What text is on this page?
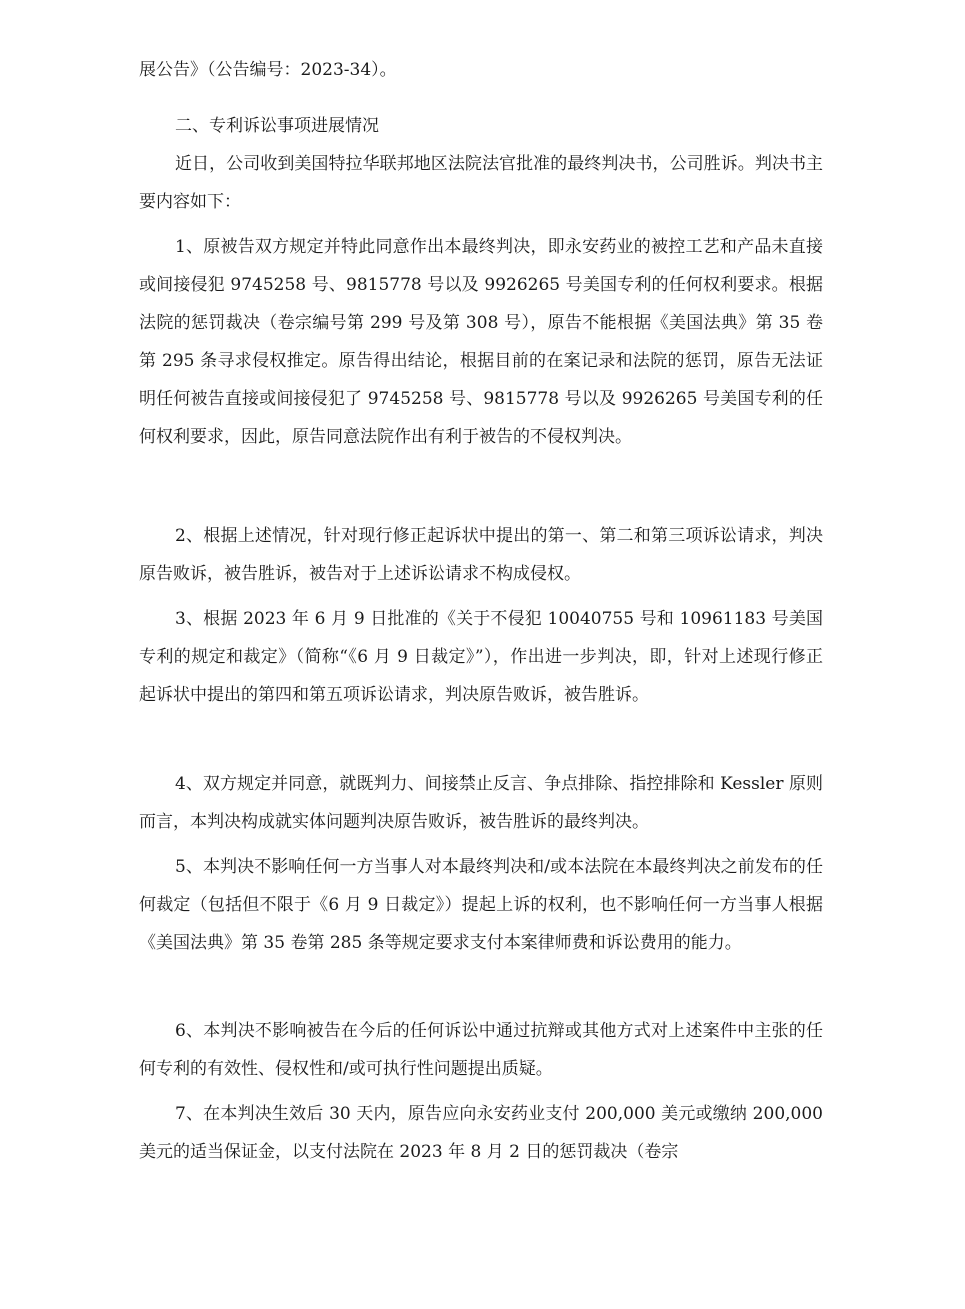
展公告》（公告编号：2023-34）。

二、专利诉讼事项进展情况

近日，公司收到美国特拉华联邦地区法院法官批准的最终判决书，公司胜诉。判决书主要内容如下：

1、原被告双方规定并特此同意作出本最终判决，即永安药业的被控工艺和产品未直接或间接侵犯 9745258 号、9815778 号以及 9926265 号美国专利的任何权利要求。根据法院的惩罚裁决（卷宗编号第 299 号及第 308 号），原告不能根据《美国法典》第 35 卷第 295 条寻求侵权推定。原告得出结论，根据目前的在案记录和法院的惩罚，原告无法证明任何被告直接或间接侵犯了 9745258 号、9815778 号以及 9926265 号美国专利的任何权利要求，因此，原告同意法院作出有利于被告的不侵权判决。

2、根据上述情况，针对现行修正起诉状中提出的第一、第二和第三项诉讼请求，判决原告败诉，被告胜诉，被告对于上述诉讼请求不构成侵权。

3、根据 2023 年 6 月 9 日批准的《关于不侵犯 10040755 号和 10961183 号美国专利的规定和裁定》（简称“《6 月 9 日裁定》”），作出进一步判决，即，针对上述现行修正起诉状中提出的第四和第五项诉讼请求，判决原告败诉，被告胜诉。

4、双方规定并同意，就既判力、间接禁止反言、争点排除、指控排除和 Kessler 原则而言，本判决构成就实体问题判决原告败诉，被告胜诉的最终判决。

5、本判决不影响任何一方当事人对本最终判决和/或本法院在本最终判决之前发布的任何裁定（包括但不限于《6 月 9 日裁定》）提起上诉的权利，也不影响任何一方当事人根据《美国法典》第 35 卷第 285 条等规定要求支付本案律师费和诉讼费用的能力。

6、本判决不影响被告在今后的任何诉讼中通过抗辩或其他方式对上述案件中主张的任何专利的有效性、侵权性和/或可执行性问题提出质疑。

7、在本判决生效后 30 天内，原告应向永安药业支付 200,000 美元或缴纳 200,000 美元的适当保证金，以支付法院在 2023 年 8 月 2 日的惩罚裁决（卷宗
